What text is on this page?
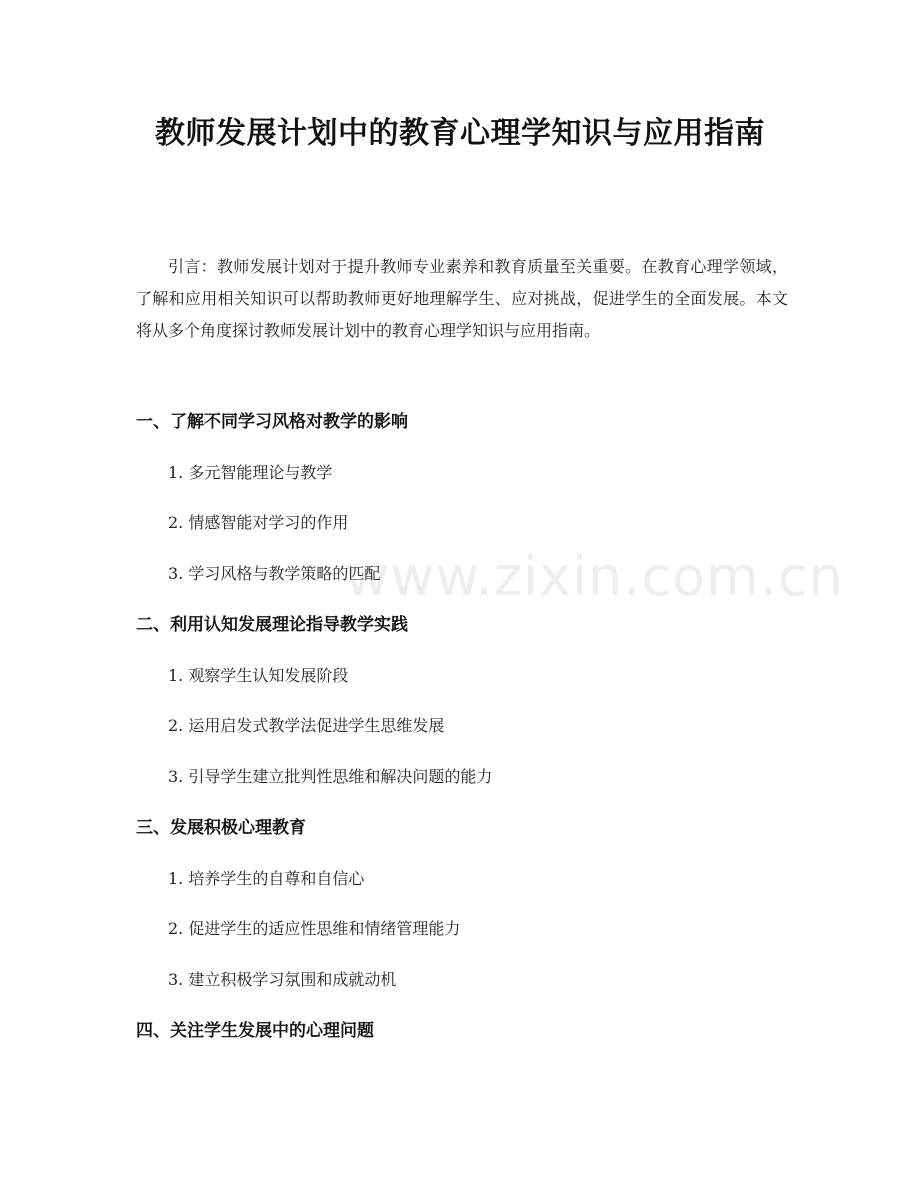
教师发展计划中的教育心理学知识与应用指南

引言：教师发展计划对于提升教师专业素养和教育质量至关重要。在教育心理学领域，了解和应用相关知识可以帮助教师更好地理解学生、应对挑战，促进学生的全面发展。本文将从多个角度探讨教师发展计划中的教育心理学知识与应用指南。

www.zixin.com.cn
一、了解不同学习风格对教学的影响

1. 多元智能理论与教学

2. 情感智能对学习的作用

3. 学习风格与教学策略的匹配

二、利用认知发展理论指导教学实践

1. 观察学生认知发展阶段

2. 运用启发式教学法促进学生思维发展

3. 引导学生建立批判性思维和解决问题的能力

三、发展积极心理教育

1. 培养学生的自尊和自信心

2. 促进学生的适应性思维和情绪管理能力

3. 建立积极学习氛围和成就动机

四、关注学生发展中的心理问题
